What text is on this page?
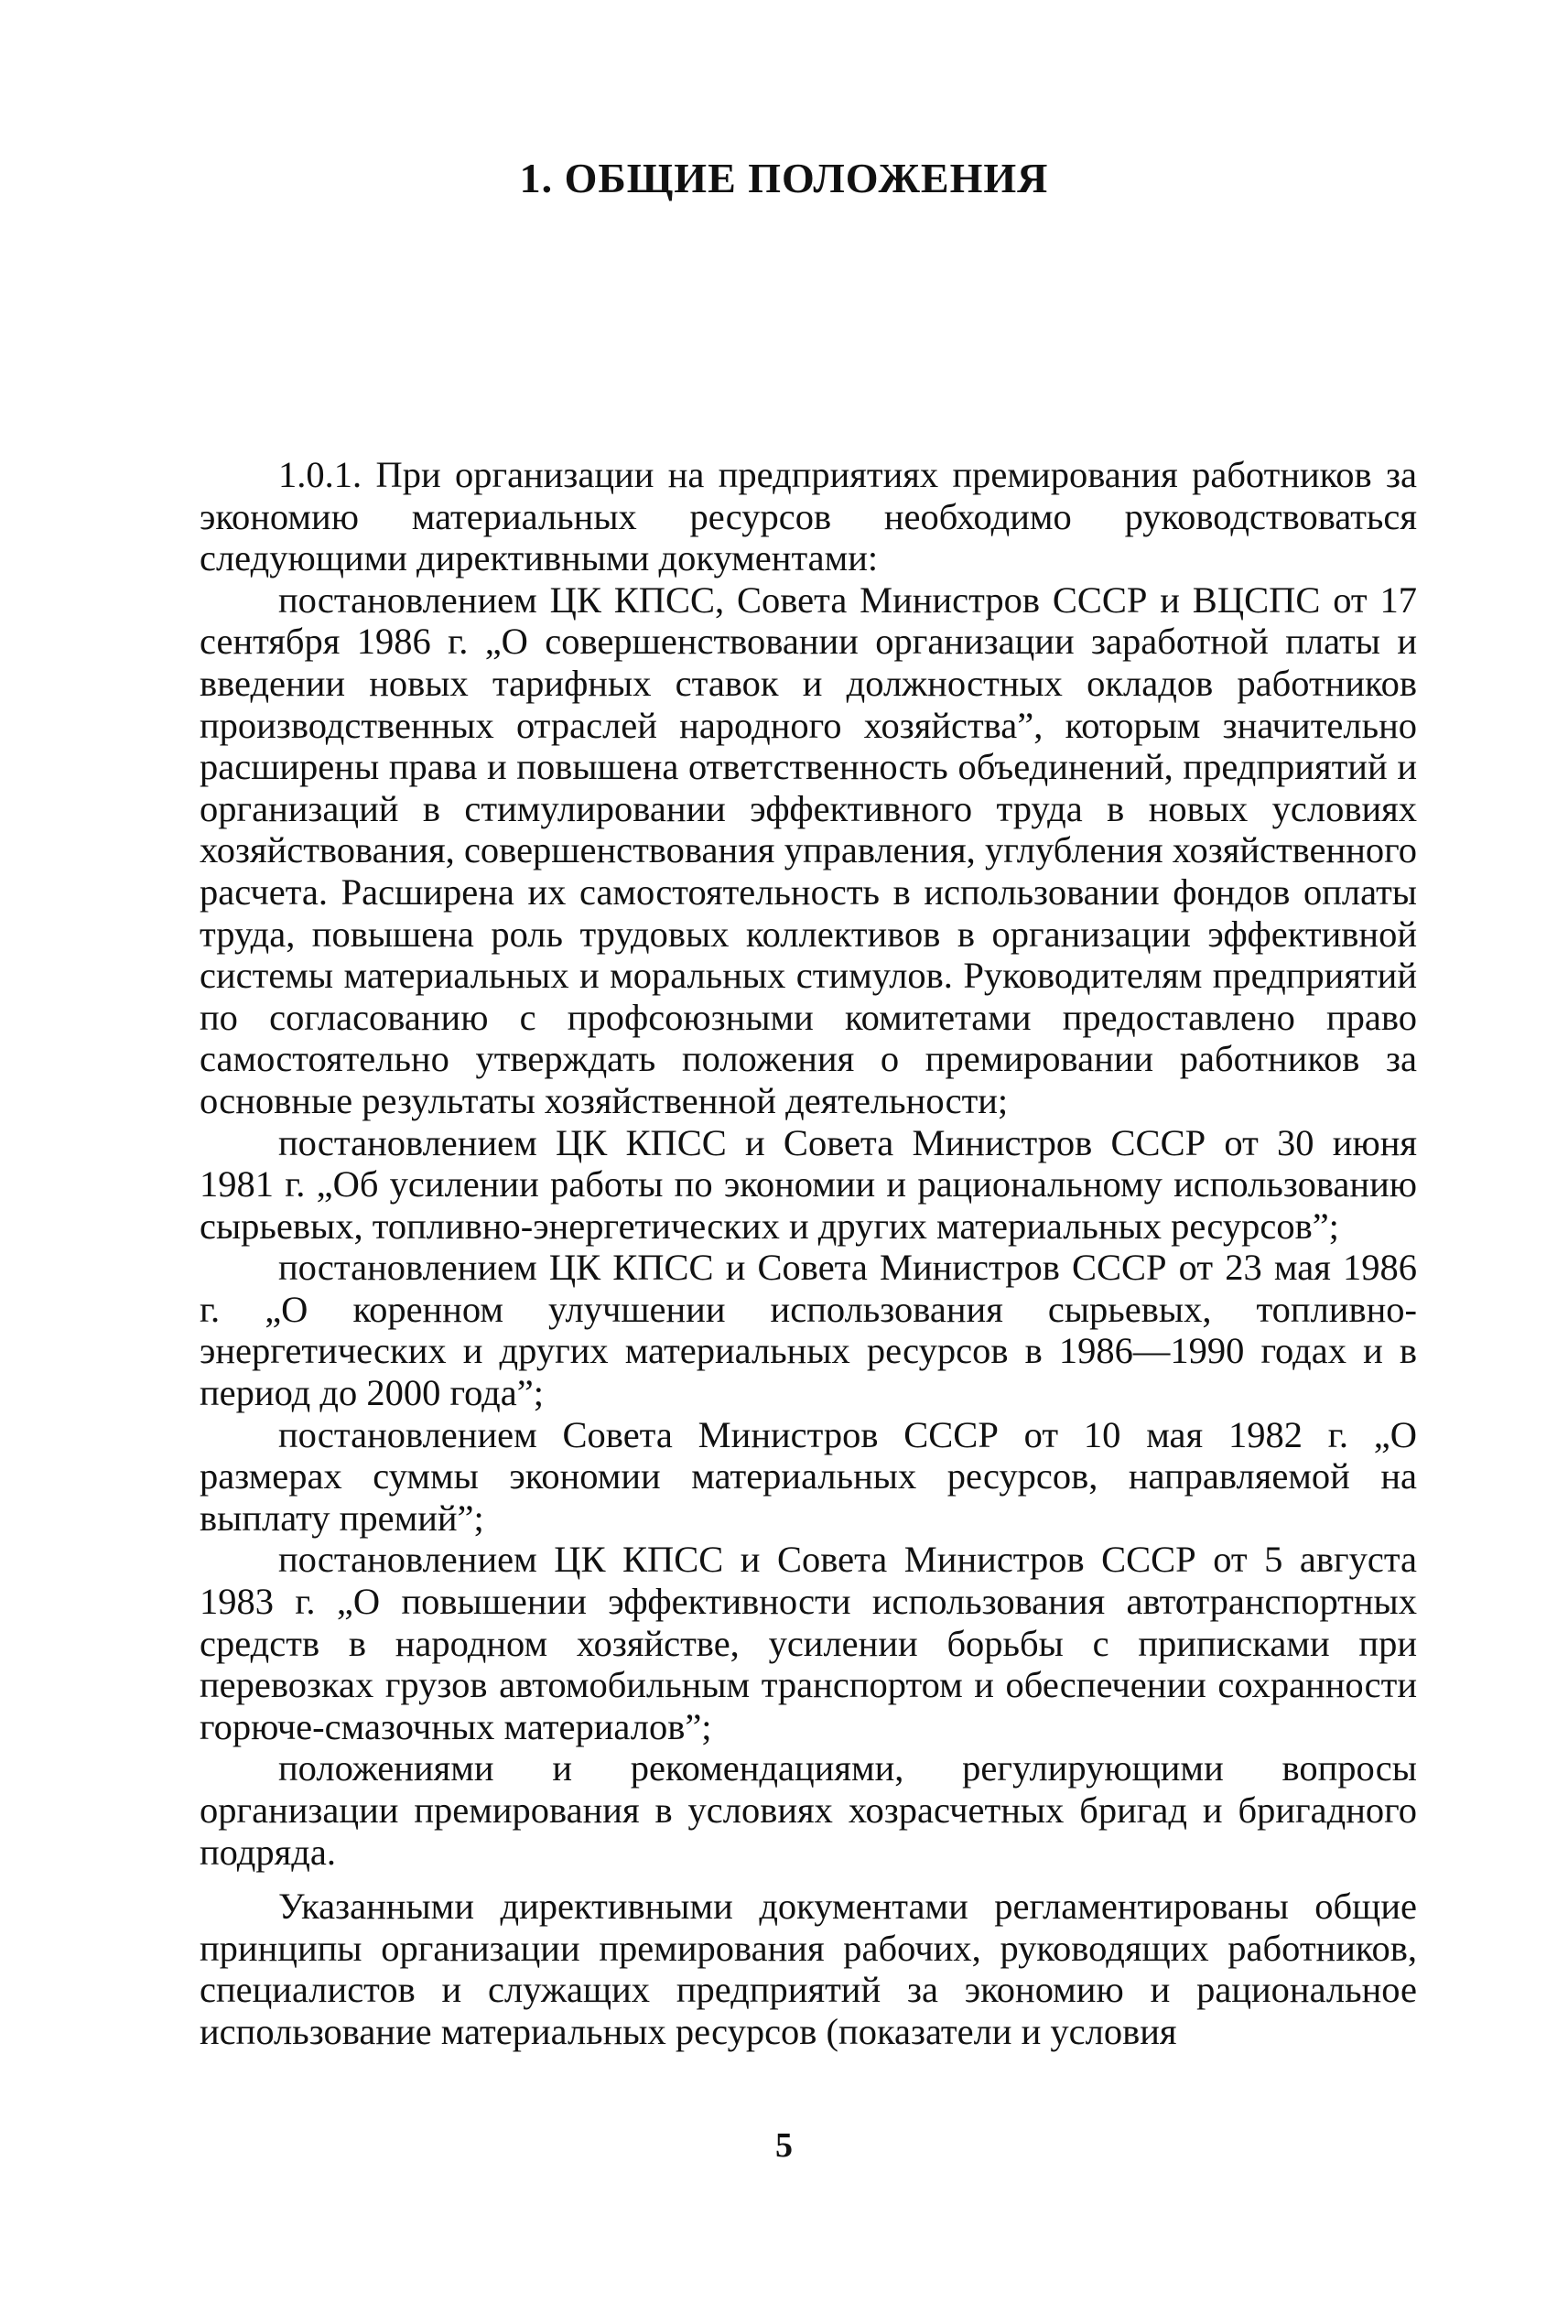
1. ОБЩИЕ ПОЛОЖЕНИЯ

1.0.1. При организации на предприятиях премирования работников за экономию материальных ресурсов необходимо руководствоваться следующими директивными документами:

постановлением ЦК КПСС, Совета Министров СССР и ВЦСПС от 17 сентября 1986 г. „О совершенствовании организации заработной платы и введении новых тарифных ставок и должностных окладов работников производственных отраслей народного хозяйства”, которым значительно расширены права и повышена ответственность объединений, предприятий и организаций в стимулировании эффективного труда в новых условиях хозяйствования, совершенствования управления, углубления хозяйственного расчета. Расширена их самостоятельность в использовании фондов оплаты труда, повышена роль трудовых коллективов в организации эффективной системы материальных и моральных стимулов. Руководителям предприятий по согласованию с профсоюзными комитетами предоставлено право самостоятельно утверждать положения о премировании работников за основные результаты хозяйственной деятельности;

постановлением ЦК КПСС и Совета Министров СССР от 30 июня 1981 г. „Об усилении работы по экономии и рациональному использованию сырьевых, топливно-энергетических и других материальных ресурсов”;

постановлением ЦК КПСС и Совета Министров СССР от 23 мая 1986 г. „О коренном улучшении использования сырьевых, топливно-энергетических и других материальных ресурсов в 1986—1990 годах и в период до 2000 года”;

постановлением Совета Министров СССР от 10 мая 1982 г. „О размерах суммы экономии материальных ресурсов, направляемой на выплату премий”;

постановлением ЦК КПСС и Совета Министров СССР от 5 августа 1983 г. „О повышении эффективности использования автотранспортных средств в народном хозяйстве, усилении борьбы с приписками при перевозках грузов автомобильным транспортом и обеспечении сохранности горюче-смазочных материалов”;

положениями и рекомендациями, регулирующими вопросы организации премирования в условиях хозрасчетных бригад и бригадного подряда.

Указанными директивными документами регламентированы общие принципы организации премирования рабочих, руководящих работников, специалистов и служащих предприятий за экономию и рациональное использование материальных ресурсов (показатели и условия

5
